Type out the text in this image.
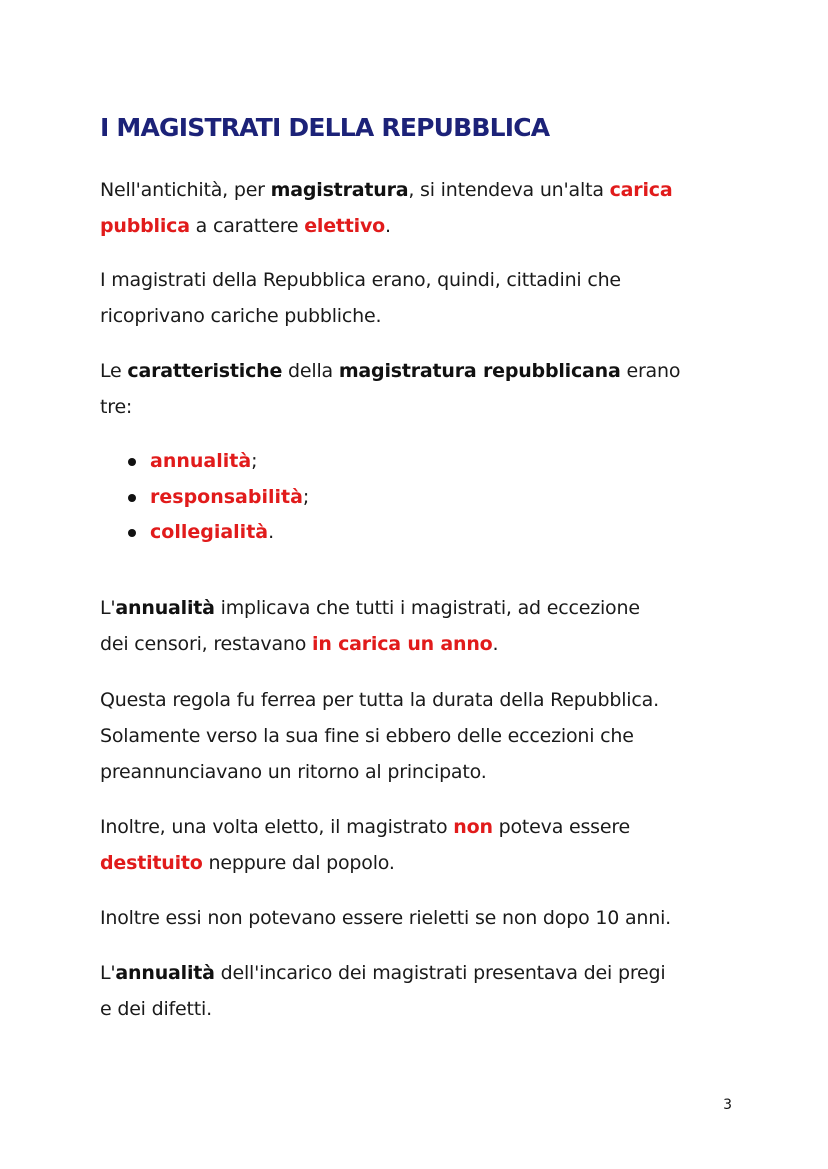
I MAGISTRATI DELLA REPUBBLICA

Nell'antichità, per magistratura, si intendeva un'alta carica
pubblica a carattere elettivo.

I magistrati della Repubblica erano, quindi, cittadini che
ricoprivano cariche pubbliche.

Le caratteristiche della magistratura repubblicana erano
tre:

annualità;
responsabilità;
collegialità.

L'annualità implicava che tutti i magistrati, ad eccezione
dei censori, restavano in carica un anno.

Questa regola fu ferrea per tutta la durata della Repubblica.
Solamente verso la sua fine si ebbero delle eccezioni che
preannunciavano un ritorno al principato.

Inoltre, una volta eletto, il magistrato non poteva essere
destituito neppure dal popolo.

Inoltre essi non potevano essere rieletti se non dopo 10 anni.

L'annualità dell'incarico dei magistrati presentava dei pregi
e dei difetti.

3
